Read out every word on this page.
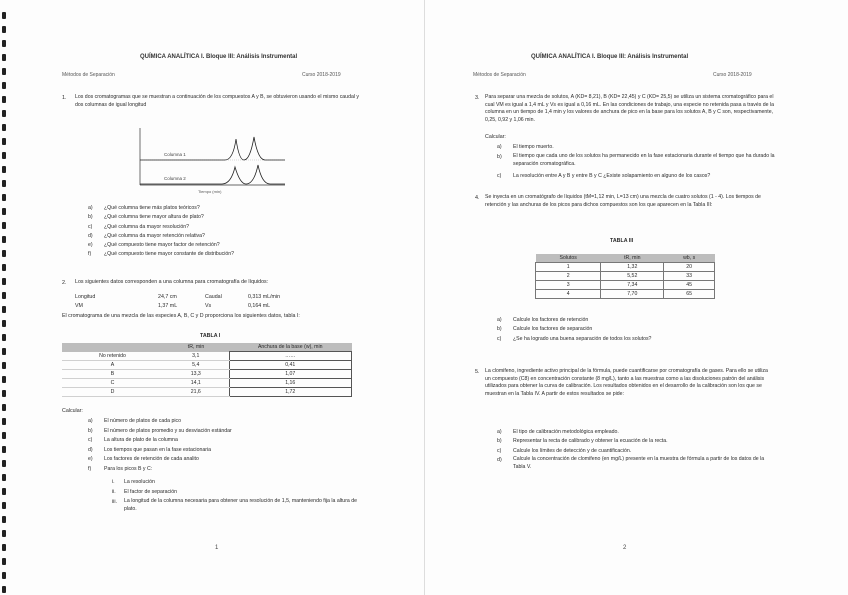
QUÍMICA ANALÍTICA I. Bloque III: Análisis Instrumental
Métodos de Separación	Curso 2018-2019
1. Los dos cromatogramas que se muestran a continuación de los compuestos A y B, se obtuvieron usando el mismo caudal y dos columnas de igual longitud
Columna 1
Columna 2
Tiempo (min)
a) ¿Qué columna tiene más platos teóricos?
b) ¿Qué columna tiene mayor altura de plato?
c) ¿Qué columna da mayor resolución?
d) ¿Qué columna da mayor retención relativa?
e) ¿Qué compuesto tiene mayor factor de retención?
f) ¿Qué compuesto tiene mayor constante de distribución?
2. Los siguientes datos corresponden a una columna para cromatografía de líquidos:
Longitud	24,7 cm	Caudal	0,313 mL/min
VM	1,37 mL	Vs	0,164 mL
El cromatograma de una mezcla de las especies A, B, C y D proporciona los siguientes datos, tabla I:
TABLA I
	tR, min	Anchura de la base (w), min
No retenido	3,1	……
A	5,4	0,41
B	13,3	1,07
C	14,1	1,16
D	21,6	1,72
Calcular:
a) El número de platos de cada pico
b) El número de platos promedio y su desviación estándar
c) La altura de plato de la columna
d) Los tiempos que pasan en la fase estacionaria
e) Los factores de retención de cada analito
f) Para los picos B y C:
i. La resolución
ii. El factor de separación
iii.	La longitud de la columna necesaria para obtener una resolución de 1,5, manteniendo fija la altura de plato.
1
QUÍMICA ANALÍTICA I. Bloque III: Análisis Instrumental
Métodos de Separación	Curso 2018-2019
3. Para separar una mezcla de solutos, A (KD= 8,21), B (KD= 22,45) y C (KD= 25,5) se utiliza un sistema cromatográfico para el cual VM es igual a 1,4 mL y Vs es igual a 0,16 mL. En las condiciones de trabajo, una especie no retenida pasa a través de la columna en un tiempo de 1,4 min y los valores de anchura de pico en la base para los solutos A, B y C son, respectivamente, 0,25, 0,92 y 1,06 min.
Calcular:
a) El tiempo muerto.
b)	El tiempo que cada uno de los solutos ha permanecido en la fase estacionaria durante el tiempo que ha durado la separación cromatográfica.
c) La resolución entre A y B y entre B y C ¿Existe solapamiento en alguno de los casos?
4. Se inyecta en un cromatógrafo de líquidos (tM=1,12 min, L=13 cm) una mezcla de cuatro solutos (1 - 4). Los tiempos de retención y las anchuras de los picos para dichos compuestos son los que aparecen en la Tabla III:
TABLA III
Solutos	tR, min	wb, s
1	1,32	20
2	5,52	33
3	7,34	45
4	7,70	65
a) Calcule los factores de retención
b) Calcule los factores de separación
c) ¿Se ha logrado una buena separación de todos los solutos?
5. La clomifeno, ingrediente activo principal de la fórmula, puede cuantificarse por cromatografía de gases. Para ello se utiliza un compuesto (C8) en concentración constante (8 mg/L), tanto a las muestras como a las disoluciones patrón del análisis utilizados para obtener la curva de calibración. Los resultados obtenidos en el desarrollo de la calibración son los que se muestran en la Tabla IV. A partir de estos resultados se pide:
a) El tipo de calibración metodológica empleado.
b) Representar la recta de calibrado y obtener la ecuación de la recta.
c) Calcule los límites de detección y de cuantificación.
d)	Calcule la concentración de clomifeno (en mg/L) presente en la muestra de fórmula a partir de los datos de la Tabla V.
2
